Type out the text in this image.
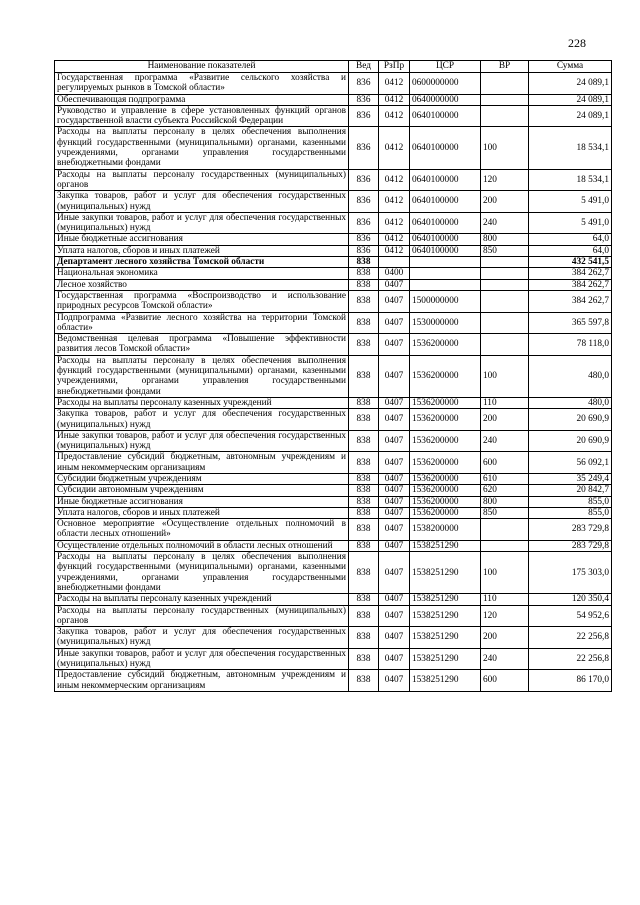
228
Наименование показателей	Вед	РзПр	ЦСР	ВР	Сумма
Государственная программа «Развитие сельского хозяйства и регулируемых рынков в Томской области»	836	0412	0600000000		24 089,1
Обеспечивающая подпрограмма	836	0412	0640000000		24 089,1
Руководство и управление в сфере установленных функций органов государственной власти субъекта Российской Федерации	836	0412	0640100000		24 089,1
Расходы на выплаты персоналу в целях обеспечения выполнения функций государственными (муниципальными) органами, казенными учреждениями, органами управления государственными внебюджетными фондами	836	0412	0640100000	100	18 534,1
Расходы на выплаты персоналу государственных (муниципальных) органов	836	0412	0640100000	120	18 534,1
Закупка товаров, работ и услуг для обеспечения государственных (муниципальных) нужд	836	0412	0640100000	200	5 491,0
Иные закупки товаров, работ и услуг для обеспечения государственных (муниципальных) нужд	836	0412	0640100000	240	5 491,0
Иные бюджетные ассигнования	836	0412	0640100000	800	64,0
Уплата налогов, сборов и иных платежей	836	0412	0640100000	850	64,0
Департамент лесного хозяйства Томской области	838				432 541,5
Национальная экономика	838	0400			384 262,7
Лесное хозяйство	838	0407			384 262,7
Государственная программа «Воспроизводство и использование природных ресурсов Томской области»	838	0407	1500000000		384 262,7
Подпрограмма «Развитие лесного хозяйства на территории Томской области»	838	0407	1530000000		365 597,8
Ведомственная целевая программа «Повышение эффективности развития лесов Томской области»	838	0407	1536200000		78 118,0
Расходы на выплаты персоналу в целях обеспечения выполнения функций государственными (муниципальными) органами, казенными учреждениями, органами управления государственными внебюджетными фондами	838	0407	1536200000	100	480,0
Расходы на выплаты персоналу казенных учреждений	838	0407	1536200000	110	480,0
Закупка товаров, работ и услуг для обеспечения государственных (муниципальных) нужд	838	0407	1536200000	200	20 690,9
Иные закупки товаров, работ и услуг для обеспечения государственных (муниципальных) нужд	838	0407	1536200000	240	20 690,9
Предоставление субсидий бюджетным, автономным учреждениям и иным некоммерческим организациям	838	0407	1536200000	600	56 092,1
Субсидии бюджетным учреждениям	838	0407	1536200000	610	35 249,4
Субсидии автономным учреждениям	838	0407	1536200000	620	20 842,7
Иные бюджетные ассигнования	838	0407	1536200000	800	855,0
Уплата налогов, сборов и иных платежей	838	0407	1536200000	850	855,0
Основное мероприятие «Осуществление отдельных полномочий в области лесных отношений»	838	0407	1538200000		283 729,8
Осуществление отдельных полномочий в области лесных отношений	838	0407	1538251290		283 729,8
Расходы на выплаты персоналу в целях обеспечения выполнения функций государственными (муниципальными) органами, казенными учреждениями, органами управления государственными внебюджетными фондами	838	0407	1538251290	100	175 303,0
Расходы на выплаты персоналу казенных учреждений	838	0407	1538251290	110	120 350,4
Расходы на выплаты персоналу государственных (муниципальных) органов	838	0407	1538251290	120	54 952,6
Закупка товаров, работ и услуг для обеспечения государственных (муниципальных) нужд	838	0407	1538251290	200	22 256,8
Иные закупки товаров, работ и услуг для обеспечения государственных (муниципальных) нужд	838	0407	1538251290	240	22 256,8
Предоставление субсидий бюджетным, автономным учреждениям и иным некоммерческим организациям	838	0407	1538251290	600	86 170,0
